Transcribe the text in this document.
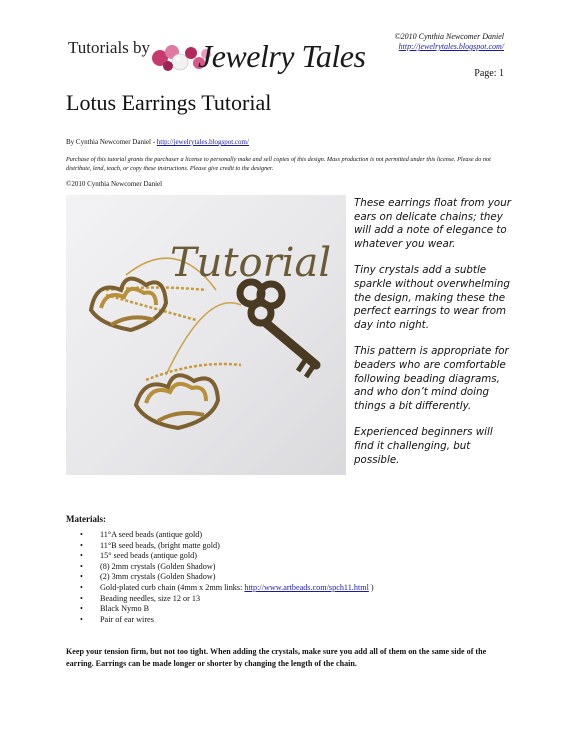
Tutorials by Jewelry Tales
©2010 Cynthia Newcomer Daniel
http://jewelrytales.blogspot.com/
Page: 1
Lotus Earrings Tutorial
By Cynthia Newcomer Daniel - http://jewelrytales.blogspot.com/
Purchase of this tutorial grants the purchaser a license to personally make and sell copies of this design. Mass production is not permitted under this license. Please do not distribute, lend, teach, or copy these instructions. Please give credit to the designer.
©2010 Cynthia Newcomer Daniel
Tutorial

These earrings float from your ears on delicate chains; they will add a note of elegance to whatever you wear.

Tiny crystals add a subtle sparkle without overwhelming the design, making these the perfect earrings to wear from day into night.

This pattern is appropriate for beaders who are comfortable following beading diagrams, and who don’t mind doing things a bit differently.

Experienced beginners will find it challenging, but possible.

Materials:
• 11°A seed beads (antique gold)
• 11°B seed beads, (bright matte gold)
• 15° seed beads (antique gold)
• (8) 2mm crystals (Golden Shadow)
• (2) 3mm crystals (Golden Shadow)
• Gold-plated curb chain (4mm x 2mm links: http://www.artbeads.com/spch11.html )
• Beading needles, size 12 or 13
• Black Nymo B
• Pair of ear wires
Keep your tension firm, but not too tight. When adding the crystals, make sure you add all of them on the same side of the earring. Earrings can be made longer or shorter by changing the length of the chain.
